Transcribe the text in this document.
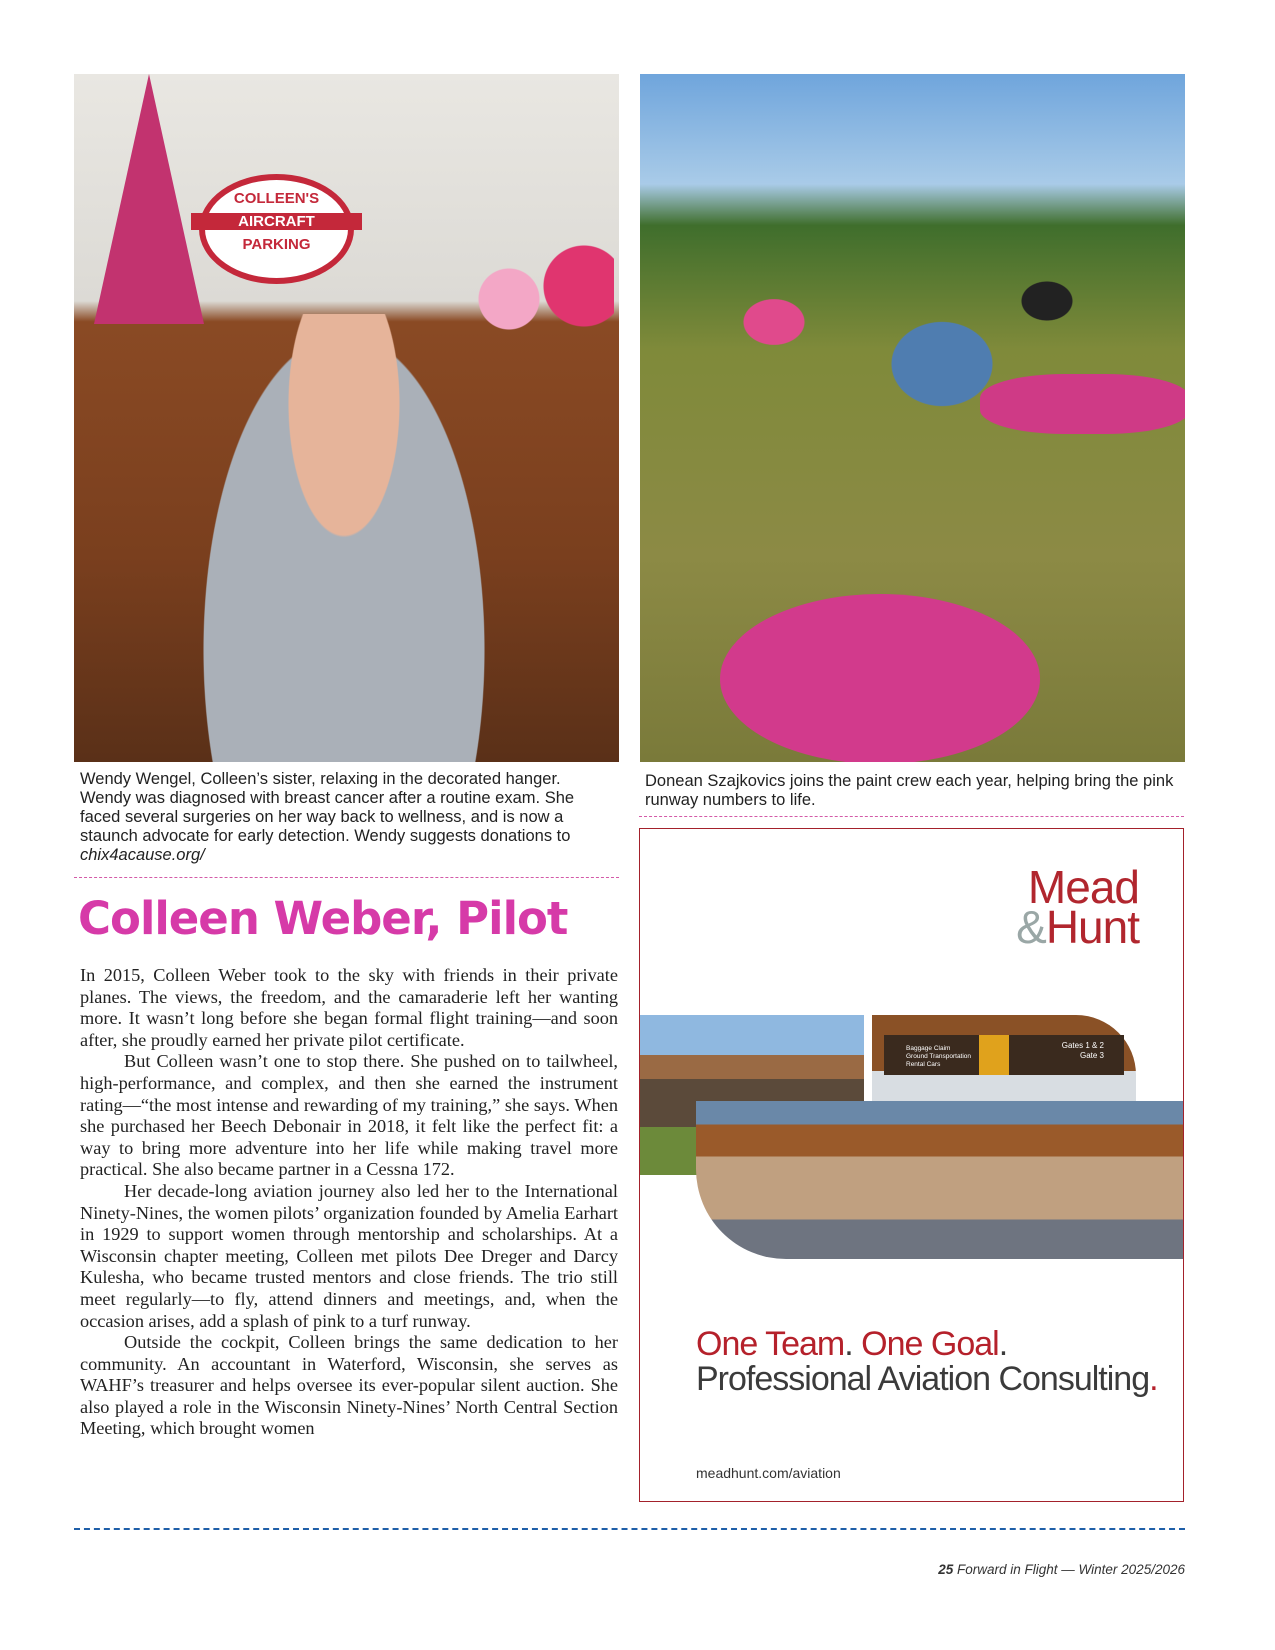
COLLEEN'S
AIRCRAFT
PARKING
Wendy Wengel, Colleen’s sister, relaxing in the decorated hanger. Wendy was diagnosed with breast cancer after a routine exam. She faced several surgeries on her way back to wellness, and is now a staunch advocate for early detection. Wendy suggests donations to chix4acause.org/
Donean Szajkovics joins the paint crew each year, helping bring the pink runway numbers to life.
Colleen Weber, Pilot

In 2015, Colleen Weber took to the sky with friends in their private planes. The views, the freedom, and the camaraderie left her wanting more. It wasn’t long before she began formal flight training—and soon after, she proudly earned her private pilot certificate.

But Colleen wasn’t one to stop there. She pushed on to tailwheel, high-performance, and complex, and then she earned the instrument rating—“the most intense and rewarding of my training,” she says. When she purchased her Beech Debonair in 2018, it felt like the perfect fit: a way to bring more adventure into her life while making travel more practical. She also became partner in a Cessna 172.

Her decade-long aviation journey also led her to the International Ninety-Nines, the women pilots’ organization founded by Amelia Earhart in 1929 to support women through mentorship and scholarships. At a Wisconsin chapter meeting, Colleen met pilots Dee Dreger and Darcy Kulesha, who became trusted mentors and close friends. The trio still meet regularly—to fly, attend dinners and meetings, and, when the occasion arises, add a splash of pink to a turf runway.

Outside the cockpit, Colleen brings the same dedication to her community. An accountant in Waterford, Wisconsin, she serves as WAHF’s treasurer and helps oversee its ever-popular silent auction. She also played a role in the Wisconsin Ninety-Nines’ North Central Section Meeting, which brought women

Mead
&Hunt
Baggage Claim
Ground Transportation
Rental Cars
Gates 1 & 2
Gate 3
One Team. One Goal. Professional Aviation Consulting.
meadhunt.com/aviation
25 Forward in Flight — Winter 2025/2026
